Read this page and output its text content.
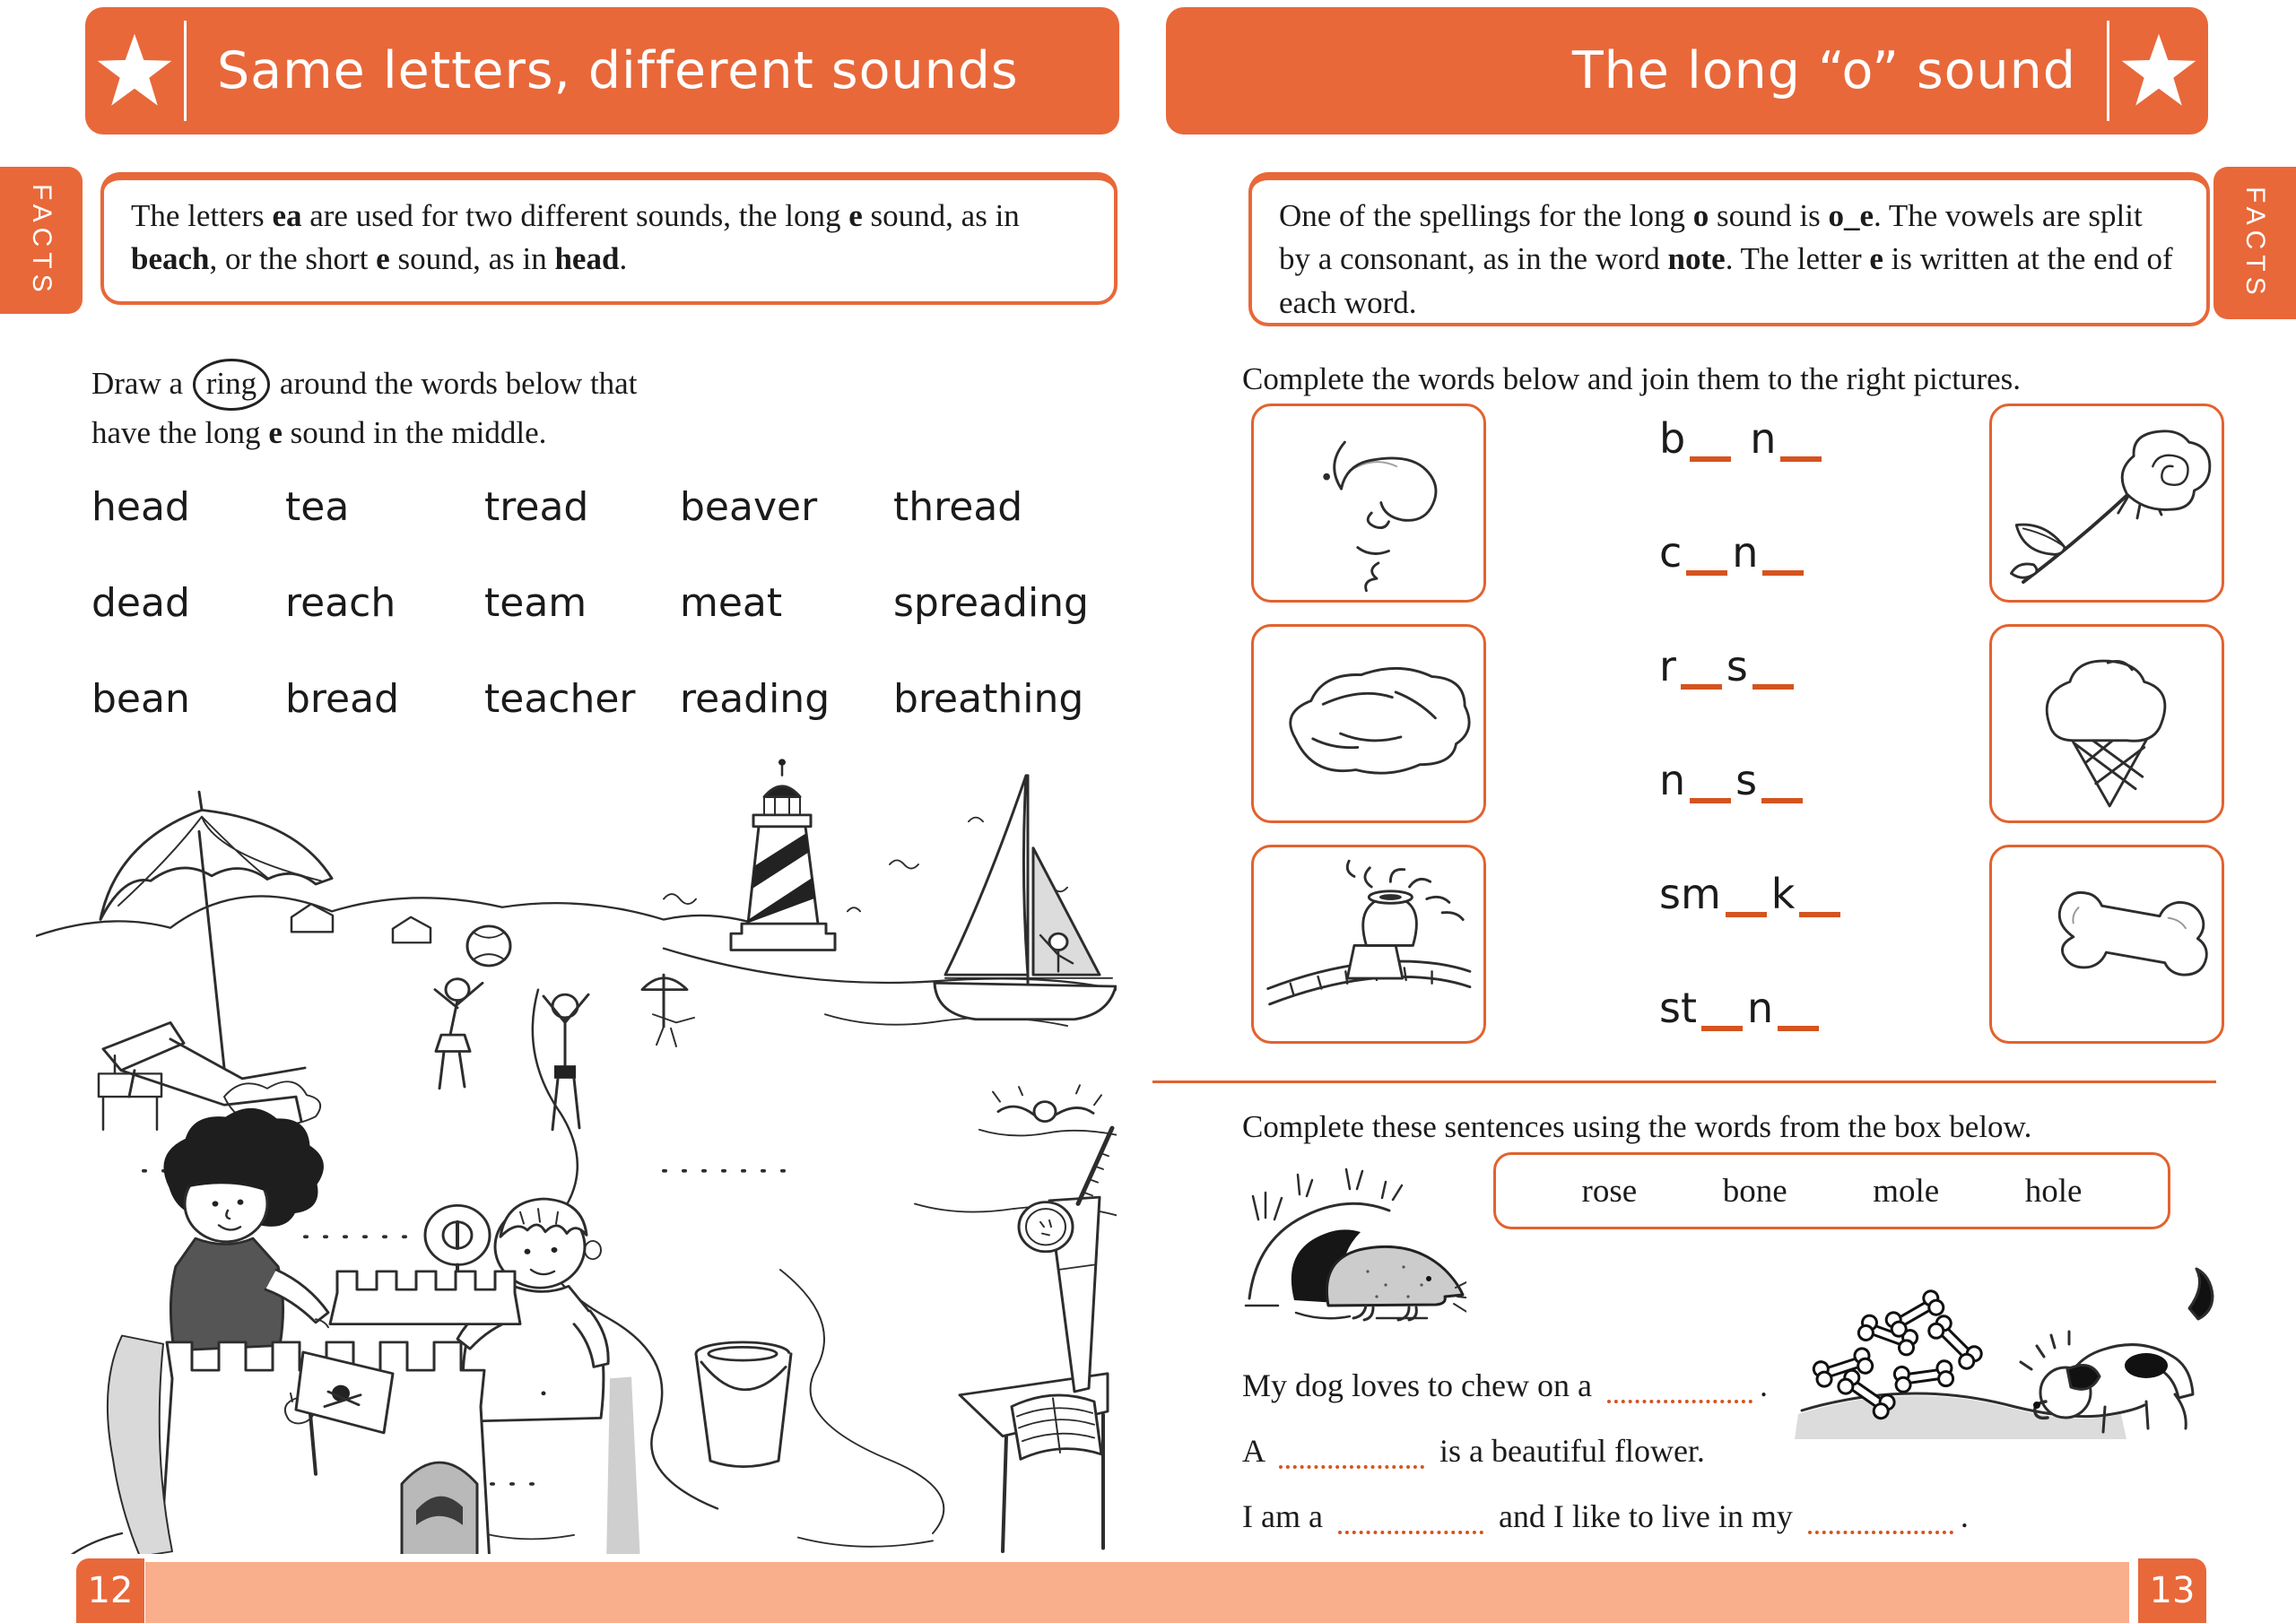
Same letters, different sounds	The long “o” sound
FACTS	The letters ea are used for two different sounds, the long e sound, as in beach, or the short e sound, as in head.	FACTS
One of the spellings for the long o sound is o_e. The vowels are split by a consonant, as in the word note. The letter e is written at the end of each word.
Draw a ring around the words below that have the long e sound in the middle.
head	tea	tread	beaver	thread
dead	reach	team	meat	spreading
bean	bread	teacher	reading	breathing
Complete the words below and join them to the right pictures.
b n
c n
r s
n s
sm k
st n
Complete these sentences using the words from the box below.
rose	bone	mole	hole
My dog loves to chew on a	.
A	is a beautiful flower.
I am a	and I like to live in my	.
12	13
